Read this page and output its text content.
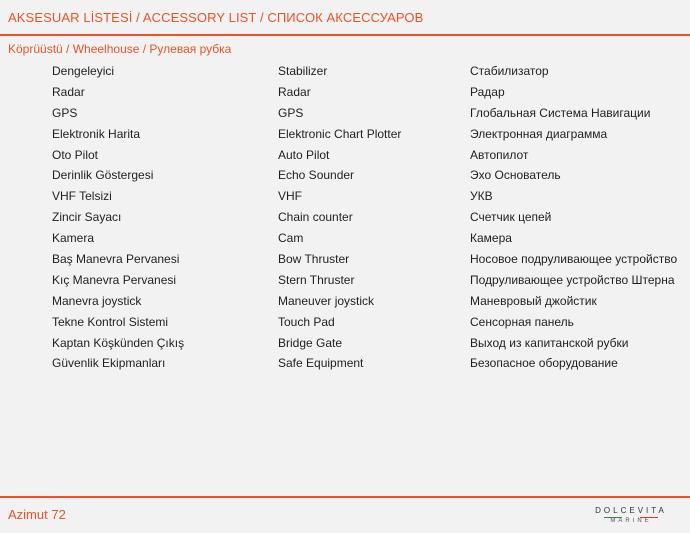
AKSESUAR LİSTESİ / ACCESSORY LIST / СПИСОК АКСЕССУАРОВ
Köprüüstü / Wheelhouse / Рулевая рубка
Dengeleyici	Stabilizer	Стабилизатор
Radar	Radar	Радар
GPS	GPS	Глобальная Система Навигации
Elektronik Harita	Elektronic Chart Plotter	Электронная диаграмма
Oto Pilot	Auto Pilot	Автопилот
Derinlik Göstergesi	Echo Sounder	Эхо Основатель
VHF Telsizi	VHF	УКВ
Zincir Sayacı	Chain counter	Счетчик цепей
Kamera	Cam	Камера
Baş Manevra Pervanesi	Bow Thruster	Носовое подруливающее устройство
Kıç Manevra Pervanesi	Stern Thruster	Подруливающее устройство Штерна
Manevra joystick	Maneuver joystick	Маневровый джойстик
Tekne Kontrol Sistemi	Touch Pad	Сенсорная панель
Kaptan Köşkünden Çıkış	Bridge Gate	Выход из капитанской рубки
Güvenlik Ekipmanları	Safe Equipment	Безопасное оборудование
Azimut 72	DOLCEVITA
MARINE
